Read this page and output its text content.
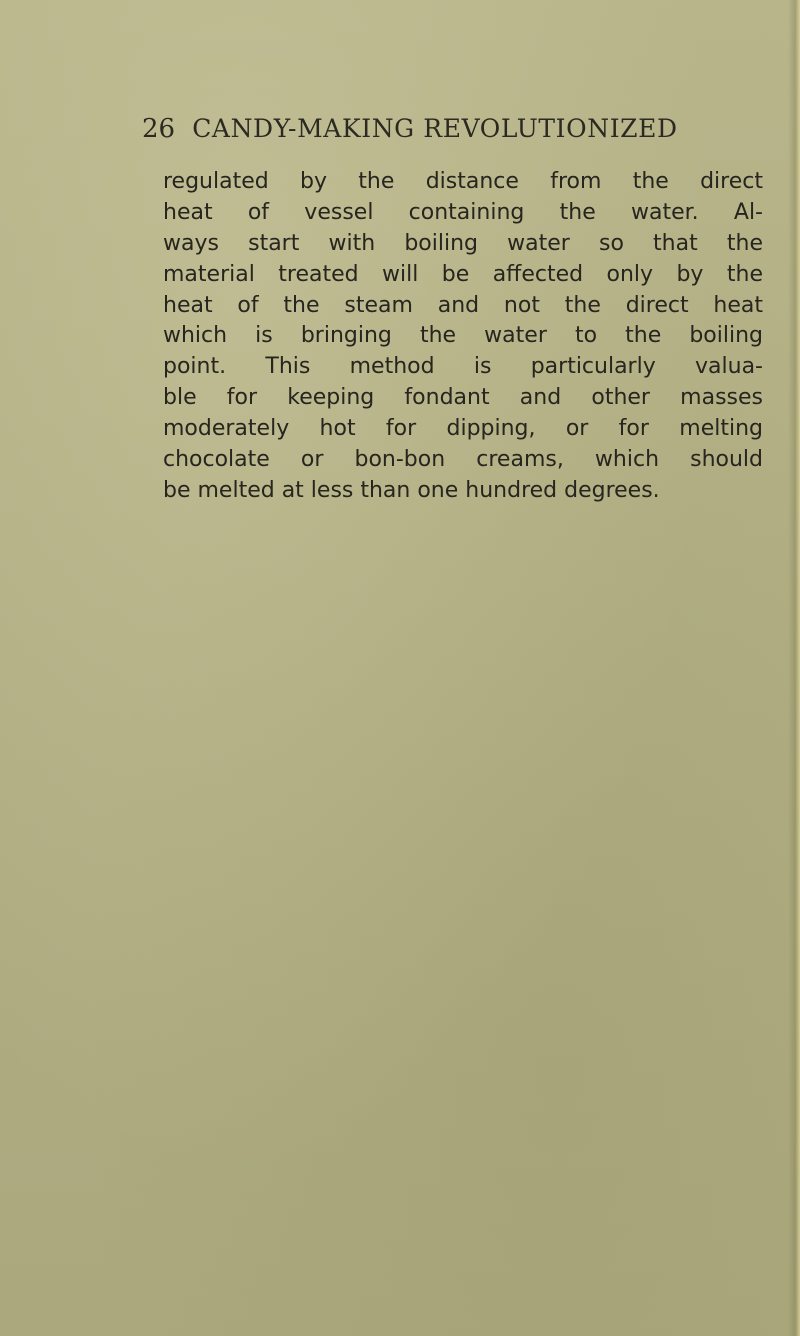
26 CANDY-MAKING REVOLUTIONIZED
regulated by the distance from the direct
heat of vessel containing the water. Al-
ways start with boiling water so that the
material treated will be affected only by the
heat of the steam and not the direct heat
which is bringing the water to the boiling
point. This method is particularly valua-
ble for keeping fondant and other masses
moderately hot for dipping, or for melting
chocolate or bon-bon creams, which should
be melted at less than one hundred degrees.
